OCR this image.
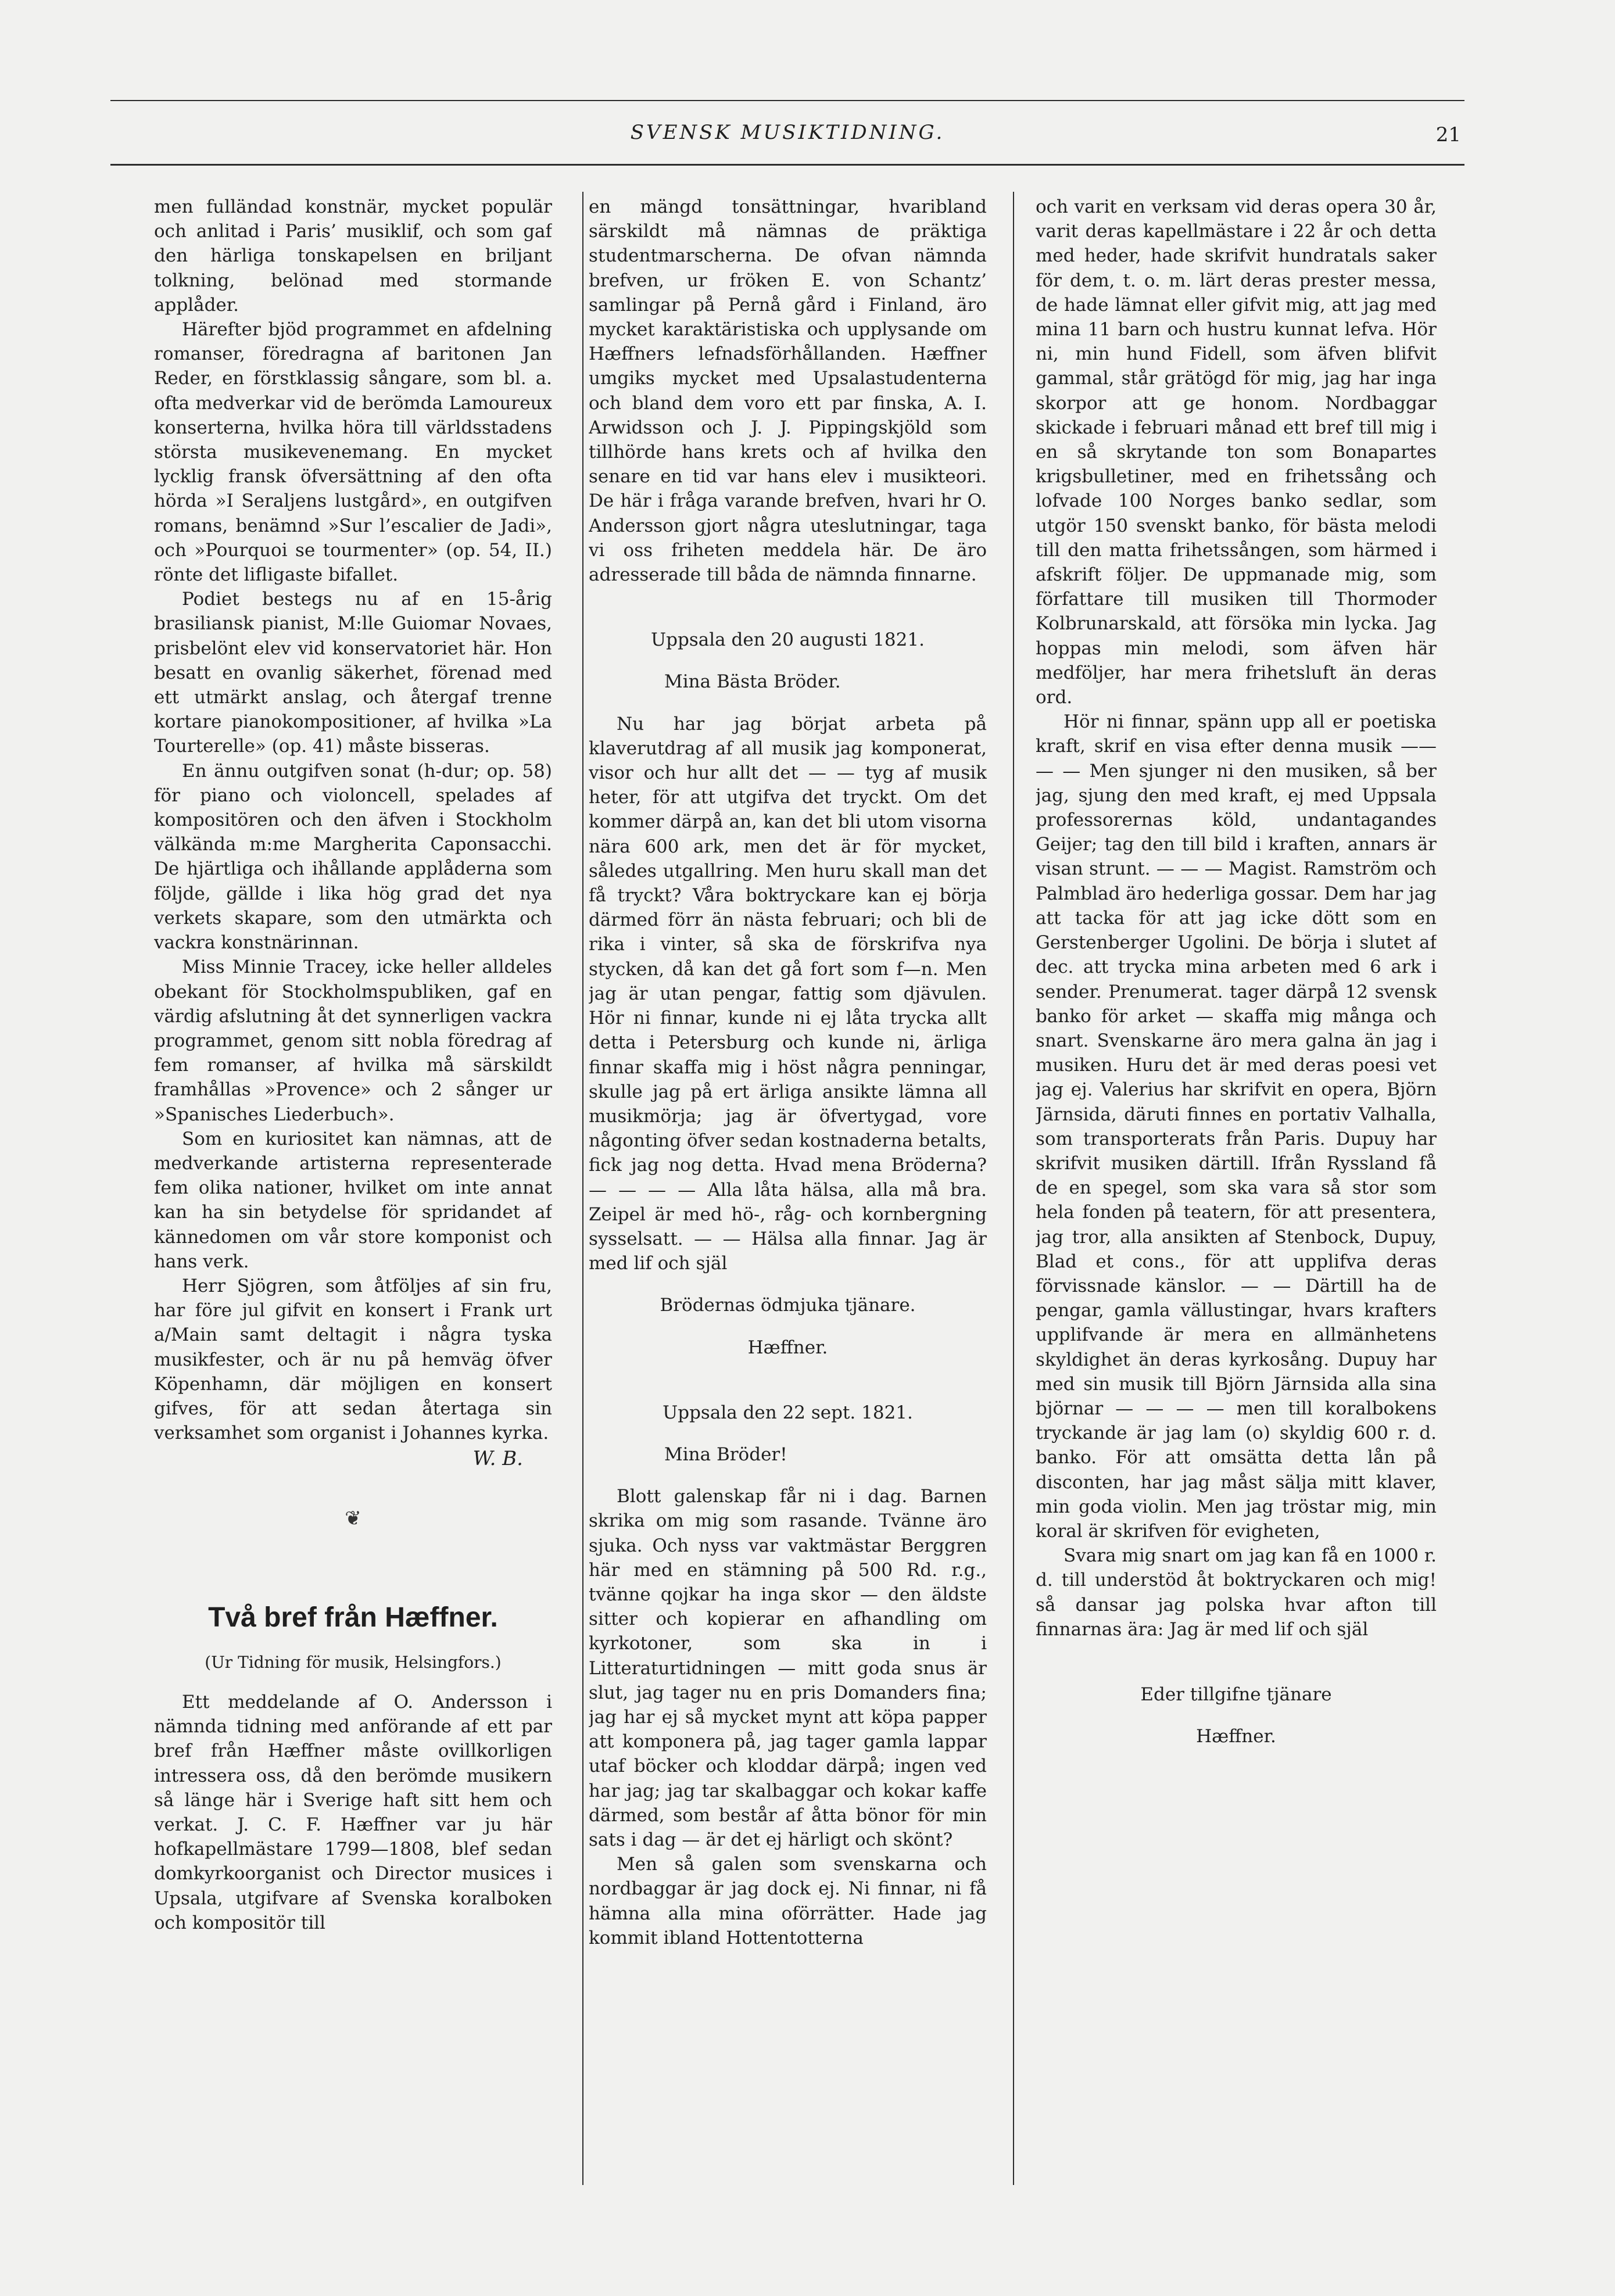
SVENSK MUSIKTIDNING.	21

men fulländad konstnär, mycket populär och anlitad i Paris’ musiklif, och som gaf den härliga tonskapelsen en briljant tolkning, belönad med stormande applåder.

Härefter bjöd programmet en afdelning romanser, föredragna af baritonen Jan Reder, en förstklassig sångare, som bl. a. ofta medverkar vid de berömda Lamoureux konserterna, hvilka höra till världsstadens största musikevenemang. En mycket lycklig fransk öfversättning af den ofta hörda »I Seraljens lustgård», en outgifven romans, benämnd »Sur l’escalier de Jadi», och »Pourquoi se tourmenter» (op. 54, II.) rönte det lifligaste bifallet.

Podiet bestegs nu af en 15-årig brasiliansk pianist, M:lle Guiomar Novaes, prisbelönt elev vid konservatoriet här. Hon besatt en ovanlig säkerhet, förenad med ett utmärkt anslag, och återgaf trenne kortare pianokompositioner, af hvilka »La Tourterelle» (op. 41) måste bisseras.

En ännu outgifven sonat (h-dur; op. 58) för piano och violoncell, spelades af kompositören och den äfven i Stockholm välkända m:me Margherita Caponsacchi. De hjärtliga och ihållande applåderna som följde, gällde i lika hög grad det nya verkets skapare, som den utmärkta och vackra konstnärinnan.

Miss Minnie Tracey, icke heller alldeles obekant för Stockholmspubliken, gaf en värdig afslutning åt det synnerligen vackra programmet, genom sitt nobla föredrag af fem romanser, af hvilka må särskildt framhållas »Provence» och 2 sånger ur »Spanisches Liederbuch».

Som en kuriositet kan nämnas, att de medverkande artisterna representerade fem olika nationer, hvilket om inte annat kan ha sin betydelse för spridandet af kännedomen om vår store komponist och hans verk.

Herr Sjögren, som åtföljes af sin fru, har före jul gifvit en konsert i Frank urt a/Main samt deltagit i några tyska musikfester, och är nu på hemväg öfver Köpenhamn, där möjligen en konsert gifves, för att sedan återtaga sin verksamhet som organist i Johannes kyrka.

W. B.
❦
Två bref från Hæffner.
(Ur Tidning för musik, Helsingfors.)

Ett meddelande af O. Andersson i nämnda tidning med anförande af ett par bref från Hæffner måste ovillkorligen intressera oss, då den berömde musikern så länge här i Sverige haft sitt hem och verkat. J. C. F. Hæffner var ju här hofkapellmästare 1799—1808, blef sedan domkyrkoorganist och Director musices i Upsala, utgifvare af Svenska koralboken och kompositör till

en mängd tonsättningar, hvaribland särskildt må nämnas de präktiga studentmarscherna. De ofvan nämnda brefven, ur fröken E. von Schantz’ samlingar på Pernå gård i Finland, äro mycket karaktäristiska och upplysande om Hæffners lefnadsförhållanden. Hæffner umgiks mycket med Upsalastudenterna och bland dem voro ett par finska, A. I. Arwidsson och J. J. Pippingskjöld som tillhörde hans krets och af hvilka den senare en tid var hans elev i musikteori. De här i fråga varande brefven, hvari hr O. Andersson gjort några uteslutningar, taga vi oss friheten meddela här. De äro adresserade till båda de nämnda finnarne.

Uppsala den 20 augusti 1821.

Mina Bästa Bröder.

Nu har jag börjat arbeta på klaverutdrag af all musik jag komponerat, visor och hur allt det — — tyg af musik heter, för att utgifva det tryckt. Om det kommer därpå an, kan det bli utom visorna nära 600 ark, men det är för mycket, således utgallring. Men huru skall man det få tryckt? Våra boktryckare kan ej börja därmed förr än nästa februari; och bli de rika i vinter, så ska de förskrifva nya stycken, då kan det gå fort som f—n. Men jag är utan pengar, fattig som djävulen. Hör ni finnar, kunde ni ej låta trycka allt detta i Petersburg och kunde ni, ärliga finnar skaffa mig i höst några penningar, skulle jag på ert ärliga ansikte lämna all musikmörja; jag är öfvertygad, vore någonting öfver sedan kostnaderna betalts, fick jag nog detta. Hvad mena Bröderna? — — — — Alla låta hälsa, alla må bra. Zeipel är med hö-, råg- och kornbergning sysselsatt. — — Hälsa alla finnar. Jag är med lif och själ

Brödernas ödmjuka tjänare.

Hæffner.

Uppsala den 22 sept. 1821.

Mina Bröder!

Blott galenskap får ni i dag. Barnen skrika om mig som rasande. Tvänne äro sjuka. Och nyss var vaktmästar Berggren här med en stämning på 500 Rd. r.g., tvänne qojkar ha inga skor — den äldste sitter och kopierar en afhandling om kyrkotoner, som ska in i Litteraturtidningen — mitt goda snus är slut, jag tager nu en pris Domanders fina; jag har ej så mycket mynt att köpa papper att komponera på, jag tager gamla lappar utaf böcker och kloddar därpå; ingen ved har jag; jag tar skalbaggar och kokar kaffe därmed, som består af åtta bönor för min sats i dag — är det ej härligt och skönt?

Men så galen som svenskarna och nordbaggar är jag dock ej. Ni finnar, ni få hämna alla mina oförrätter. Hade jag kommit ibland Hottentotterna

och varit en verksam vid deras opera 30 år, varit deras kapellmästare i 22 år och detta med heder, hade skrifvit hundratals saker för dem, t. o. m. lärt deras prester messa, de hade lämnat eller gifvit mig, att jag med mina 11 barn och hustru kunnat lefva. Hör ni, min hund Fidell, som äfven blifvit gammal, står grätögd för mig, jag har inga skorpor att ge honom. Nordbaggar skickade i februari månad ett bref till mig i en så skrytande ton som Bonapartes krigsbulletiner, med en frihetssång och lofvade 100 Norges banko sedlar, som utgör 150 svenskt banko, för bästa melodi till den matta frihetssången, som härmed i afskrift följer. De uppmanade mig, som författare till musiken till Thormoder Kolbrunarskald, att försöka min lycka. Jag hoppas min melodi, som äfven här medföljer, har mera frihetsluft än deras ord.

Hör ni finnar, spänn upp all er poetiska kraft, skrif en visa efter denna musik —— — — Men sjunger ni den musiken, så ber jag, sjung den med kraft, ej med Uppsala professorernas köld, undantagandes Geijer; tag den till bild i kraften, annars är visan strunt. — — — Magist. Ramström och Palmblad äro hederliga gossar. Dem har jag att tacka för att jag icke dött som en Gerstenberger Ugolini. De börja i slutet af dec. att trycka mina arbeten med 6 ark i sender. Prenumerat. tager därpå 12 svensk banko för arket — skaffa mig många och snart. Svenskarne äro mera galna än jag i musiken. Huru det är med deras poesi vet jag ej. Valerius har skrifvit en opera, Björn Järnsida, däruti finnes en portativ Valhalla, som transporterats från Paris. Dupuy har skrifvit musiken därtill. Ifrån Ryssland få de en spegel, som ska vara så stor som hela fonden på teatern, för att presentera, jag tror, alla ansikten af Stenbock, Dupuy, Blad et cons., för att upplifva deras förvissnade känslor. — — Därtill ha de pengar, gamla vällustingar, hvars krafters upplifvande är mera en allmänhetens skyldighet än deras kyrkosång. Dupuy har med sin musik till Björn Järnsida alla sina björnar — — — — men till koralbokens tryckande är jag lam (o) skyldig 600 r. d. banko. För att omsätta detta lån på disconten, har jag måst sälja mitt klaver, min goda violin. Men jag tröstar mig, min koral är skrifven för evigheten,

Svara mig snart om jag kan få en 1000 r. d. till understöd åt boktryckaren och mig! så dansar jag polska hvar afton till finnarnas ära: Jag är med lif och själ

Eder tillgifne tjänare

Hæffner.
